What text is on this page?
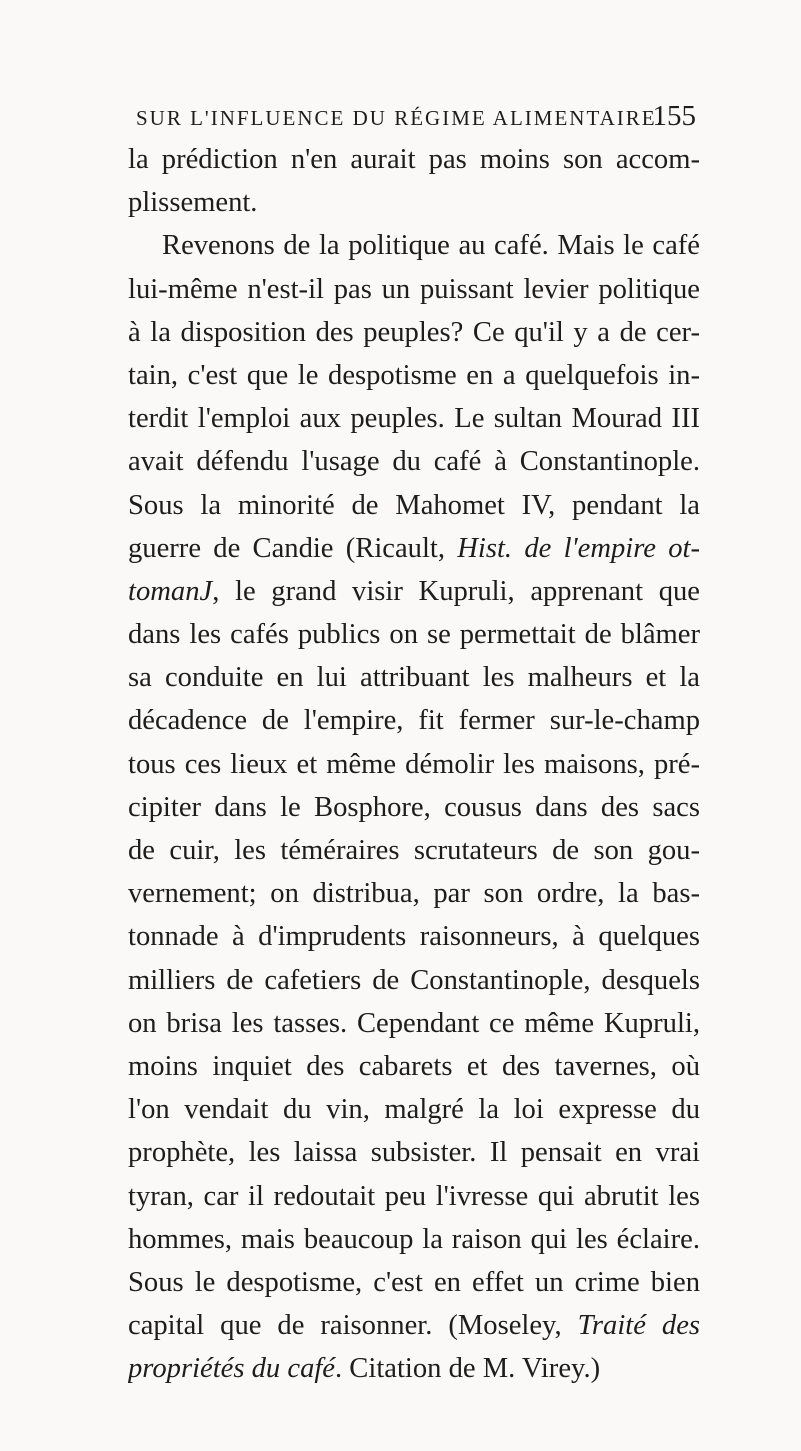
SUR L'INFLUENCE DU RÉGIME ALIMENTAIRE.
155
la prédiction n'en aurait pas moins son accom-
plissement.
Revenons de la politique au café. Mais le café
lui-même n'est-il pas un puissant levier politique
à la disposition des peuples? Ce qu'il y a de cer-
tain, c'est que le despotisme en a quelquefois in-
terdit l'emploi aux peuples. Le sultan Mourad III
avait défendu l'usage du café à Constantinople.
Sous la minorité de Mahomet IV, pendant la
guerre de Candie (Ricault, Hist. de l'empire ot-
tomanJ, le grand visir Kupruli, apprenant que
dans les cafés publics on se permettait de blâmer
sa conduite en lui attribuant les malheurs et la
décadence de l'empire, fit fermer sur-le-champ
tous ces lieux et même démolir les maisons, pré-
cipiter dans le Bosphore, cousus dans des sacs
de cuir, les téméraires scrutateurs de son gou-
vernement; on distribua, par son ordre, la bas-
tonnade à d'imprudents raisonneurs, à quelques
milliers de cafetiers de Constantinople, desquels
on brisa les tasses. Cependant ce même Kupruli,
moins inquiet des cabarets et des tavernes, où
l'on vendait du vin, malgré la loi expresse du
prophète, les laissa subsister. Il pensait en vrai
tyran, car il redoutait peu l'ivresse qui abrutit les
hommes, mais beaucoup la raison qui les éclaire.
Sous le despotisme, c'est en effet un crime bien
capital que de raisonner. (Moseley, Traité des
propriétés du café. Citation de M. Virey.)
